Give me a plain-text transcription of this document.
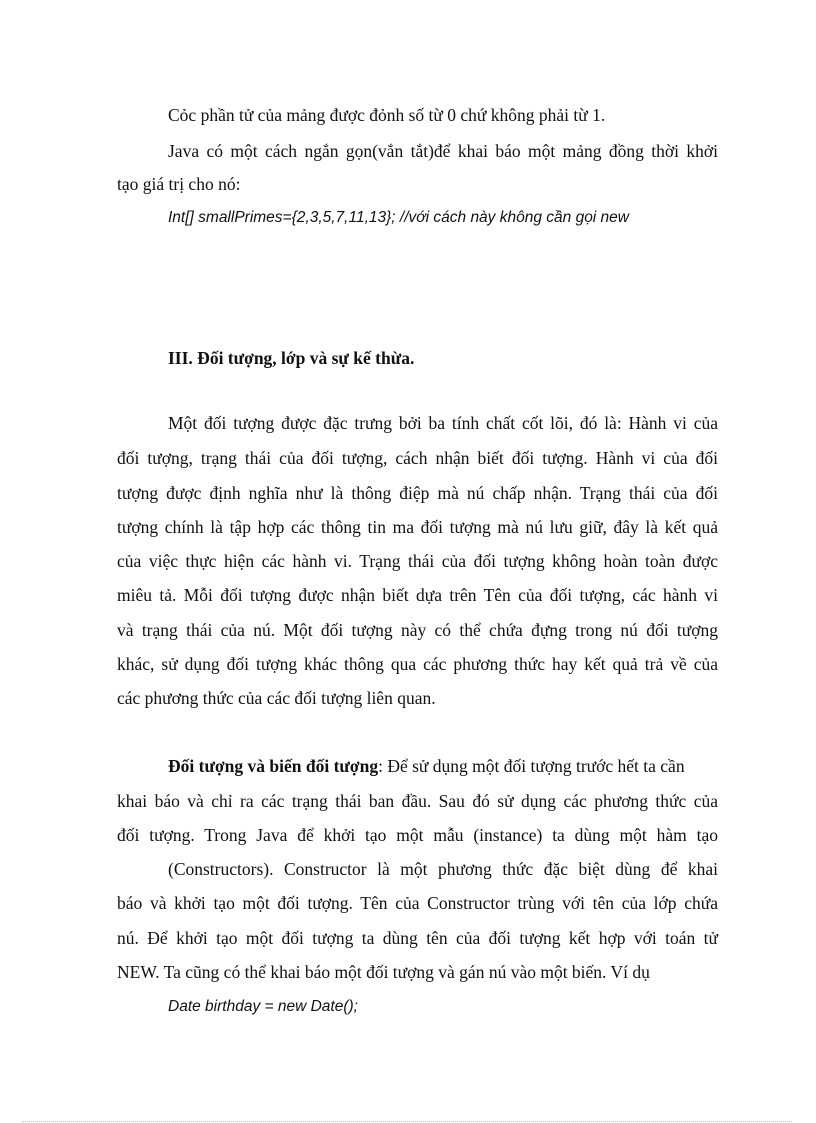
Cỏc phần tử của mảng được đỏnh số từ 0 chứ không phải từ 1.
Java có một cách ngắn gọn(vắn tắt)để khai báo một mảng đồng thời khởi
tạo giá trị cho nó:
Int[] smallPrimes={2,3,5,7,11,13}; //với cách này không cần gọi new
III. Đối tượng, lớp và sự kế thừa.
Một đối tượng được đặc trưng bởi ba tính chất cốt lõi, đó là: Hành vi của
đối tượng, trạng thái của đối tượng, cách nhận biết đối tượng. Hành vi của đối
tượng được định nghĩa như là thông điệp mà nú chấp nhận. Trạng thái của đối
tượng chính là tập hợp các thông tin ma đối tượng mà nú lưu giữ, đây là kết quả
của việc thực hiện các hành vi. Trạng thái của đối tượng không hoàn toàn được
miêu tả. Mỗi đối tượng được nhận biết dựa trên Tên của đối tượng, các hành vi
và trạng thái của nú. Một đối tượng này có thể chứa đựng trong nú đối tượng
khác, sử dụng đối tượng khác thông qua các phương thức hay kết quả trả về của
các phương thức của các đối tượng liên quan.
Đối tượng và biến đối tượng: Để sử dụng một đối tượng trước hết ta cần
khai báo và chỉ ra các trạng thái ban đầu. Sau đó sử dụng các phương thức của
đối tượng. Trong Java để khởi tạo một mẫu (instance) ta dùng một hàm tạo
(Constructors). Constructor là một phương thức đặc biệt dùng để khai
báo và khởi tạo một đối tượng. Tên của Constructor trùng với tên của lớp chứa
nú. Để khởi tạo một đối tượng ta dùng tên của đối tượng kết hợp với toán tử
NEW. Ta cũng có thể khai báo một đối tượng và gán nú vào một biến. Ví dụ
Date birthday = new Date();
